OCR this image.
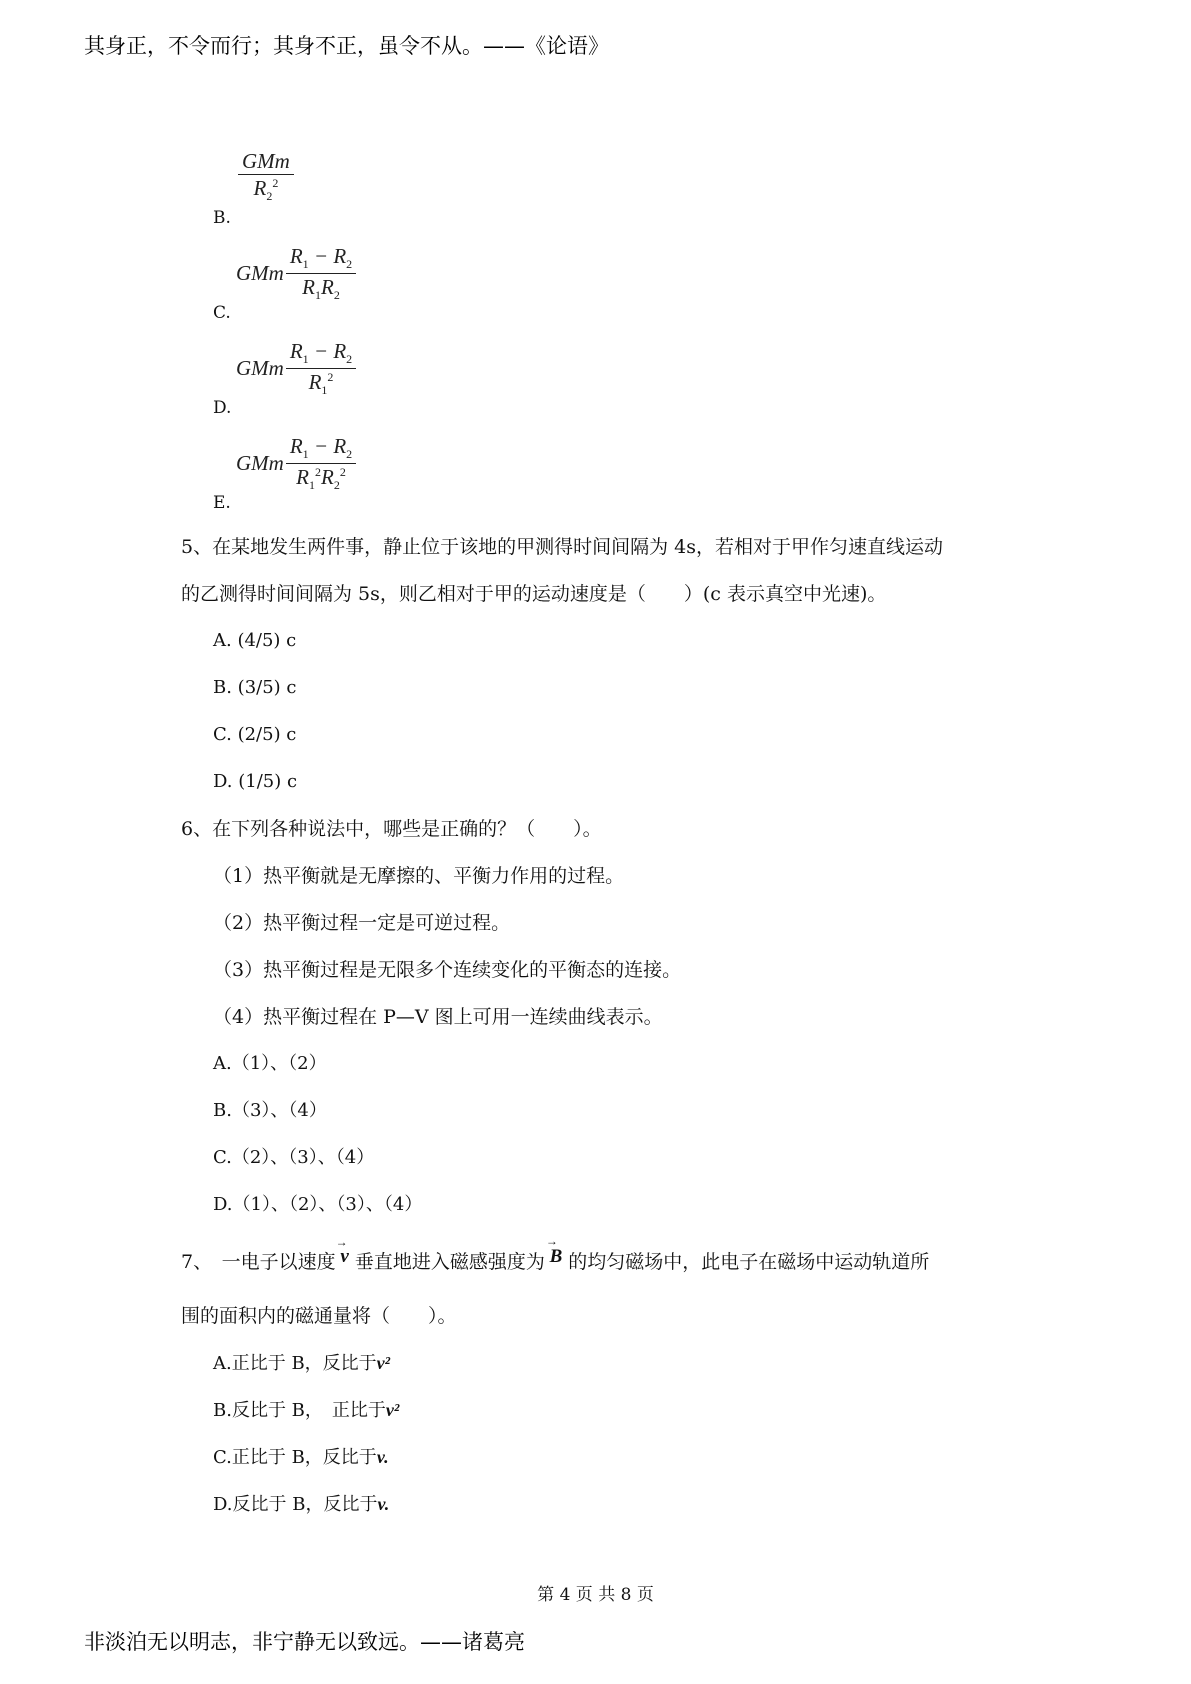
其身正，不令而行；其身不正，虽令不从。——《论语》
$\frac{\text{GMm}}{R_2^2}$
B.
GMm $\frac{R_1 - R_2}{R_1R_2}$
C.
GMm $\frac{R_1 - R_2}{R_1^2}$
D.
GMm $\frac{R_1 - R_2}{R_1^2R_2^2}$
E.
5、在某地发生两件事，静止位于该地的甲测得时间间隔为 4s，若相对于甲作匀速直线运动
的乙测得时间间隔为 5s，则乙相对于甲的运动速度是（　　）(c 表示真空中光速)。
A. (4/5) c
B. (3/5) c
C. (2/5) c
D. (1/5) c
6、在下列各种说法中，哪些是正确的？（　　）。
（1）热平衡就是无摩擦的、平衡力作用的过程。
（2）热平衡过程一定是可逆过程。
（3）热平衡过程是无限多个连续变化的平衡态的连接。
（4）热平衡过程在 P—V 图上可用一连续曲线表示。
A.（1）、（2）
B.（3）、（4）
C.（2）、（3）、（4）
D.（1）、（2）、（3）、（4）
7、　一电子以速度
→
v 垂直地进入磁感强度为
→
B 的均匀磁场中，此电子在磁场中运动轨道所
围的面积内的磁通量将（　　）。
A.正比于 B，反比于v²
B.反比于 B，　正比于v²
C.正比于 B，反比于v.
D.反比于 B，反比于v.
第 4 页 共 8 页
非淡泊无以明志，非宁静无以致远。——诸葛亮
